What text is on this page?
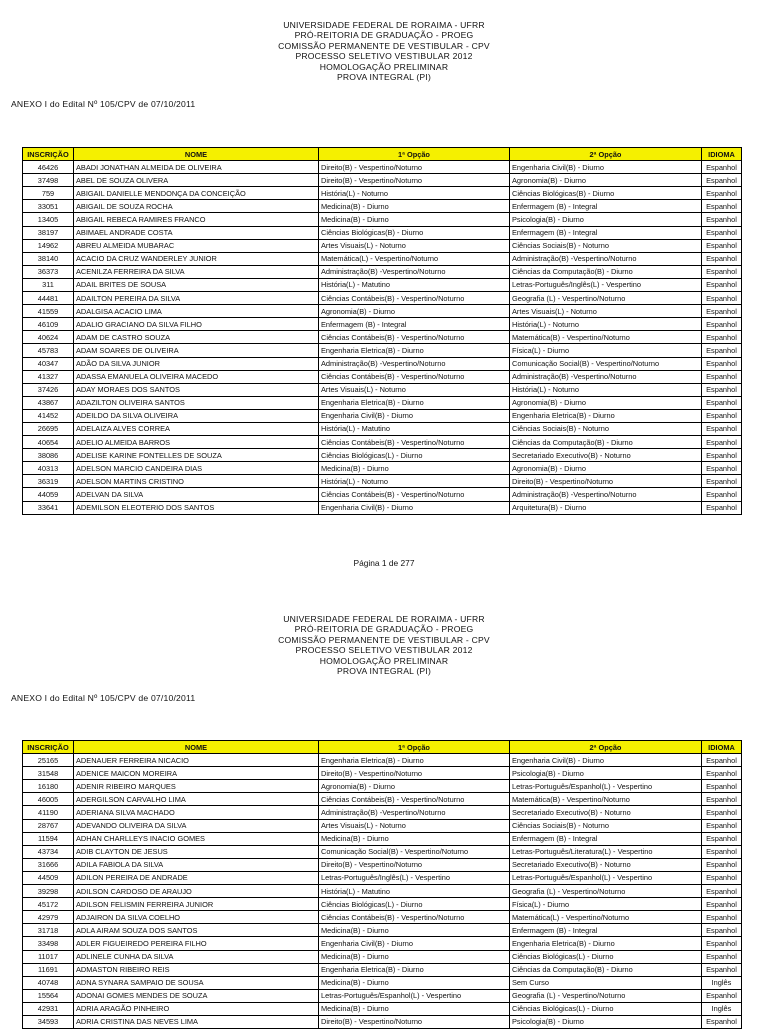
UNIVERSIDADE FEDERAL DE RORAIMA - UFRR
PRÓ-REITORIA DE GRADUAÇÃO - PROEG
COMISSÃO PERMANENTE DE VESTIBULAR - CPV
PROCESSO SELETIVO VESTIBULAR 2012
HOMOLOGAÇÃO PRELIMINAR
PROVA INTEGRAL (PI)
ANEXO I do Edital Nº 105/CPV de 07/10/2011
INSCRIÇÃO	NOME	1ª Opção	2ª Opção	IDIOMA
46426	ABADI JONATHAN ALMEIDA DE OLIVEIRA	Direito(B) - Vespertino/Noturno	Engenharia Civil(B) - Diurno	Espanhol
37498	ABEL DE SOUZA OLIVERA	Direito(B) - Vespertino/Noturno	Agronomia(B) - Diurno	Espanhol
759	ABIGAIL DANIELLE MENDONÇA DA CONCEIÇÃO	História(L) - Noturno	Ciências Biológicas(B) - Diurno	Espanhol
33051	ABIGAIL DE SOUZA ROCHA	Medicina(B) - Diurno	Enfermagem (B) - Integral	Espanhol
13405	ABIGAIL REBECA RAMIRES FRANCO	Medicina(B) - Diurno	Psicologia(B) - Diurno	Espanhol
38197	ABIMAEL ANDRADE COSTA	Ciências Biológicas(B) - Diurno	Enfermagem (B) - Integral	Espanhol
14962	ABREU ALMEIDA MUBARAC	Artes Visuais(L) - Noturno	Ciências Sociais(B) - Noturno	Espanhol
38140	ACACIO DA CRUZ WANDERLEY JUNIOR	Matemática(L) - Vespertino/Noturno	Administração(B) -Vespertino/Noturno	Espanhol
36373	ACENILZA FERREIRA DA SILVA	Administração(B) -Vespertino/Noturno	Ciências da Computação(B) - Diurno	Espanhol
311	ADAIL BRITES DE SOUSA	História(L) - Matutino	Letras-Português/Inglês(L) - Vespertino	Espanhol
44481	ADAILTON PEREIRA DA SILVA	Ciências Contábeis(B) - Vespertino/Noturno	Geografia (L) - Vespertino/Noturno	Espanhol
41559	ADALGISA ACACIO LIMA	Agronomia(B) - Diurno	Artes Visuais(L) - Noturno	Espanhol
46109	ADALIO GRACIANO DA SILVA FILHO	Enfermagem (B) - Integral	História(L) - Noturno	Espanhol
40624	ADAM DE CASTRO SOUZA	Ciências Contábeis(B) - Vespertino/Noturno	Matemática(B) - Vespertino/Noturno	Espanhol
45783	ADAM SOARES DE OLIVEIRA	Engenharia Eletrica(B) - Diurno	Física(L) - Diurno	Espanhol
40347	ADÃO DA SILVA JUNIOR	Administração(B) -Vespertino/Noturno	Comunicação Social(B) - Vespertino/Noturno	Espanhol
41327	ADASSA EMANUELA OLIVEIRA MACEDO	Ciências Contábeis(B) - Vespertino/Noturno	Administração(B) -Vespertino/Noturno	Espanhol
37426	ADAY MORAES DOS SANTOS	Artes Visuais(L) - Noturno	História(L) - Noturno	Espanhol
43867	ADAZILTON OLIVEIRA SANTOS	Engenharia Eletrica(B) - Diurno	Agronomia(B) - Diurno	Espanhol
41452	ADEILDO DA SILVA OLIVEIRA	Engenharia Civil(B) - Diurno	Engenharia Eletrica(B) - Diurno	Espanhol
26695	ADELAIZA ALVES CORREA	História(L) - Matutino	Ciências Sociais(B) - Noturno	Espanhol
40654	ADELIO ALMEIDA BARROS	Ciências Contábeis(B) - Vespertino/Noturno	Ciências da Computação(B) - Diurno	Espanhol
38086	ADELISE KARINE FONTELLES DE SOUZA	Ciências Biológicas(L) - Diurno	Secretariado Executivo(B) - Noturno	Espanhol
40313	ADELSON MARCIO CANDEIRA DIAS	Medicina(B) - Diurno	Agronomia(B) - Diurno	Espanhol
36319	ADELSON MARTINS CRISTINO	História(L) - Noturno	Direito(B) - Vespertino/Noturno	Espanhol
44059	ADELVAN DA SILVA	Ciências Contábeis(B) - Vespertino/Noturno	Administração(B) -Vespertino/Noturno	Espanhol
33641	ADEMILSON ELEOTERIO DOS SANTOS	Engenharia Civil(B) - Diurno	Arquitetura(B) - Diurno	Espanhol
Página 1 de 277
UNIVERSIDADE FEDERAL DE RORAIMA - UFRR
PRÓ-REITORIA DE GRADUAÇÃO - PROEG
COMISSÃO PERMANENTE DE VESTIBULAR - CPV
PROCESSO SELETIVO VESTIBULAR 2012
HOMOLOGAÇÃO PRELIMINAR
PROVA INTEGRAL (PI)
ANEXO I do Edital Nº 105/CPV de 07/10/2011
INSCRIÇÃO	NOME	1ª Opção	2ª Opção	IDIOMA
25165	ADENAUER FERREIRA NICACIO	Engenharia Eletrica(B) - Diurno	Engenharia Civil(B) - Diurno	Espanhol
31548	ADENICE MAICON MOREIRA	Direito(B) - Vespertino/Noturno	Psicologia(B) - Diurno	Espanhol
16180	ADENIR RIBEIRO MARQUES	Agronomia(B) - Diurno	Letras-Português/Espanhol(L) - Vespertino	Espanhol
46005	ADERGILSON CARVALHO LIMA	Ciências Contábeis(B) - Vespertino/Noturno	Matemática(B) - Vespertino/Noturno	Espanhol
41190	ADERIANA SILVA MACHADO	Administração(B) -Vespertino/Noturno	Secretariado Executivo(B) - Noturno	Espanhol
28767	ADEVANDO OLIVEIRA DA SILVA	Artes Visuais(L) - Noturno	Ciências Sociais(B) - Noturno	Espanhol
11594	ADHAN CHARLLEYS INACIO GOMES	Medicina(B) - Diurno	Enfermagem (B) - Integral	Espanhol
43734	ADIB CLAYTON DE JESUS	Comunicação Social(B) - Vespertino/Noturno	Letras-Português/Literatura(L) - Vespertino	Espanhol
31666	ADILA FABIOLA DA SILVA	Direito(B) - Vespertino/Noturno	Secretariado Executivo(B) - Noturno	Espanhol
44509	ADILON PEREIRA DE ANDRADE	Letras-Português/Inglês(L) - Vespertino	Letras-Português/Espanhol(L) - Vespertino	Espanhol
39298	ADILSON CARDOSO DE ARAUJO	História(L) - Matutino	Geografia (L) - Vespertino/Noturno	Espanhol
45172	ADILSON FELISMIN FERREIRA JUNIOR	Ciências Biológicas(L) - Diurno	Física(L) - Diurno	Espanhol
42979	ADJAIRON DA SILVA COELHO	Ciências Contábeis(B) - Vespertino/Noturno	Matemática(L) - Vespertino/Noturno	Espanhol
31718	ADLA AIRAM SOUZA DOS SANTOS	Medicina(B) - Diurno	Enfermagem (B) - Integral	Espanhol
33498	ADLER FIGUEIREDO PEREIRA FILHO	Engenharia Civil(B) - Diurno	Engenharia Eletrica(B) - Diurno	Espanhol
11017	ADLINELE CUNHA DA SILVA	Medicina(B) - Diurno	Ciências Biológicas(L) - Diurno	Espanhol
11691	ADMASTON RIBEIRO REIS	Engenharia Eletrica(B) - Diurno	Ciências da Computação(B) - Diurno	Espanhol
40748	ADNA SYNARA SAMPAIO DE SOUSA	Medicina(B) - Diurno	Sem Curso	Inglês
15564	ADONAI GOMES MENDES DE SOUZA	Letras-Português/Espanhol(L) - Vespertino	Geografia (L) - Vespertino/Noturno	Espanhol
42931	ADRIA ARAGÃO PINHEIRO	Medicina(B) - Diurno	Ciências Biológicas(L) - Diurno	Inglês
34593	ADRIA CRISTINA DAS NEVES LIMA	Direito(B) - Vespertino/Noturno	Psicologia(B) - Diurno	Espanhol
